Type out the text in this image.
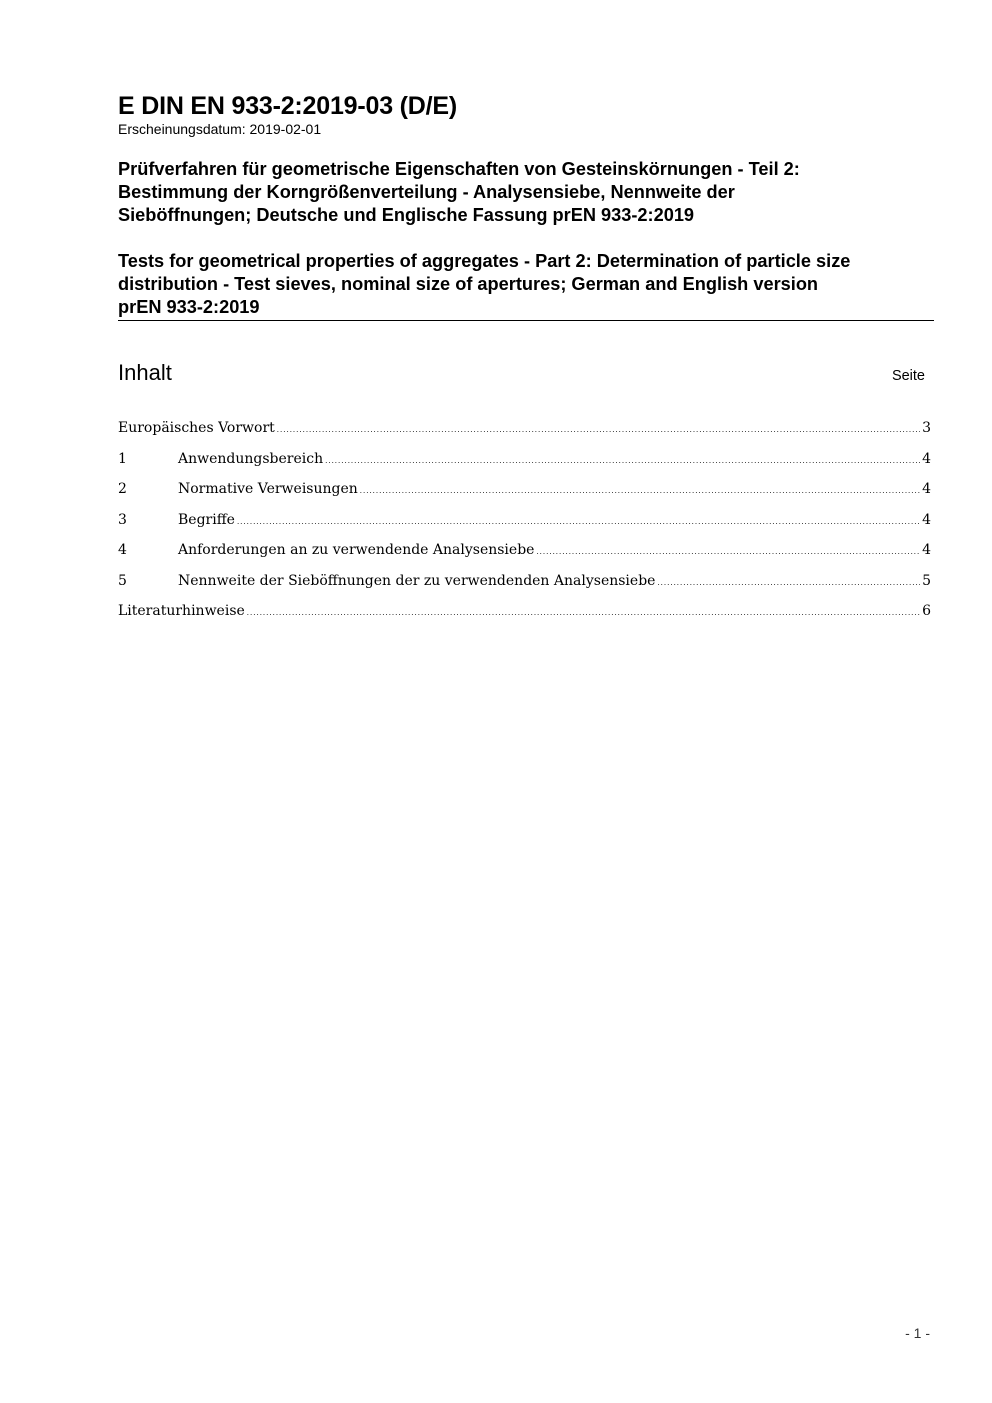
E DIN EN 933-2:2019-03 (D/E)
Erscheinungsdatum: 2019-02-01
Prüfverfahren für geometrische Eigenschaften von Gesteinskörnungen - Teil 2:
Bestimmung der Korngrößenverteilung - Analysensiebe, Nennweite der
Sieböffnungen; Deutsche und Englische Fassung prEN 933-2:2019
Tests for geometrical properties of aggregates - Part 2: Determination of particle size
distribution - Test sieves, nominal size of apertures; German and English version
prEN 933-2:2019
Inhalt	Seite
Europäisches Vorwort .....	3
1	Anwendungsbereich .....	4
2	Normative Verweisungen .....	4
3	Begriffe .....	4
4	Anforderungen an zu verwendende Analysensiebe .....	4
5	Nennweite der Sieböffnungen der zu verwendenden Analysensiebe .....	5
Literaturhinweise .....	6
- 1 -
